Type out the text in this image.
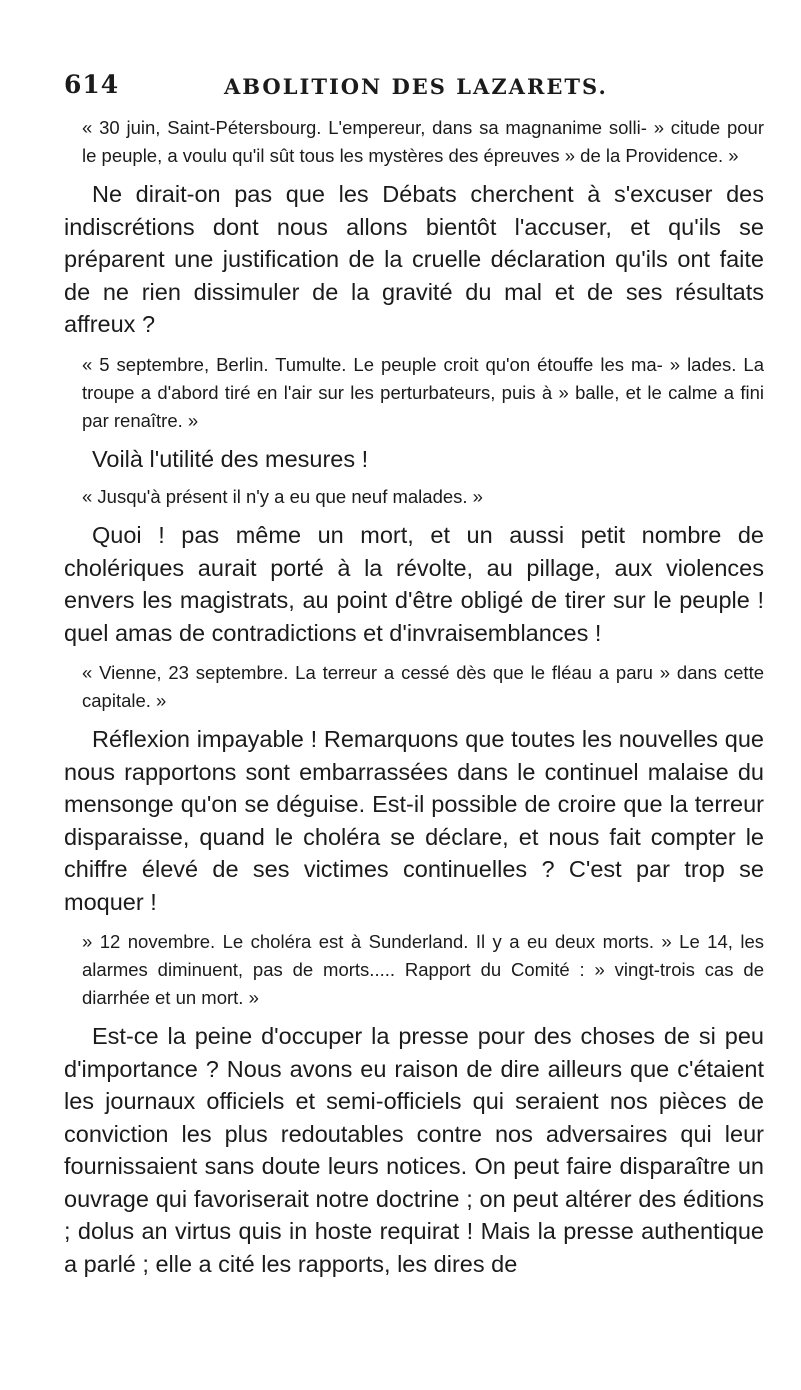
614	ABOLITION DES LAZARETS.

« 30 juin, Saint-Pétersbourg. L'empereur, dans sa magnanime solli- » citude pour le peuple, a voulu qu'il sût tous les mystères des épreuves » de la Providence. »

Ne dirait-on pas que les Débats cherchent à s'excuser des indiscrétions dont nous allons bientôt l'accuser, et qu'ils se préparent une justification de la cruelle déclaration qu'ils ont faite de ne rien dissimuler de la gravité du mal et de ses résultats affreux ?

« 5 septembre, Berlin. Tumulte. Le peuple croit qu'on étouffe les ma- » lades. La troupe a d'abord tiré en l'air sur les perturbateurs, puis à » balle, et le calme a fini par renaître. »

Voilà l'utilité des mesures !

« Jusqu'à présent il n'y a eu que neuf malades. »

Quoi ! pas même un mort, et un aussi petit nombre de cholériques aurait porté à la révolte, au pillage, aux violences envers les magistrats, au point d'être obligé de tirer sur le peuple ! quel amas de contradictions et d'invraisemblances !

« Vienne, 23 septembre. La terreur a cessé dès que le fléau a paru » dans cette capitale. »

Réflexion impayable ! Remarquons que toutes les nouvelles que nous rapportons sont embarrassées dans le continuel malaise du mensonge qu'on se déguise. Est-il possible de croire que la terreur disparaisse, quand le choléra se déclare, et nous fait compter le chiffre élevé de ses victimes continuelles ? C'est par trop se moquer !

» 12 novembre. Le choléra est à Sunderland. Il y a eu deux morts. » Le 14, les alarmes diminuent, pas de morts..... Rapport du Comité : » vingt-trois cas de diarrhée et un mort. »

Est-ce la peine d'occuper la presse pour des choses de si peu d'importance ? Nous avons eu raison de dire ailleurs que c'étaient les journaux officiels et semi-officiels qui seraient nos pièces de conviction les plus redoutables contre nos adversaires qui leur fournissaient sans doute leurs notices. On peut faire disparaître un ouvrage qui favoriserait notre doctrine ; on peut altérer des éditions ; dolus an virtus quis in hoste requirat ! Mais la presse authentique a parlé ; elle a cité les rapports, les dires de
